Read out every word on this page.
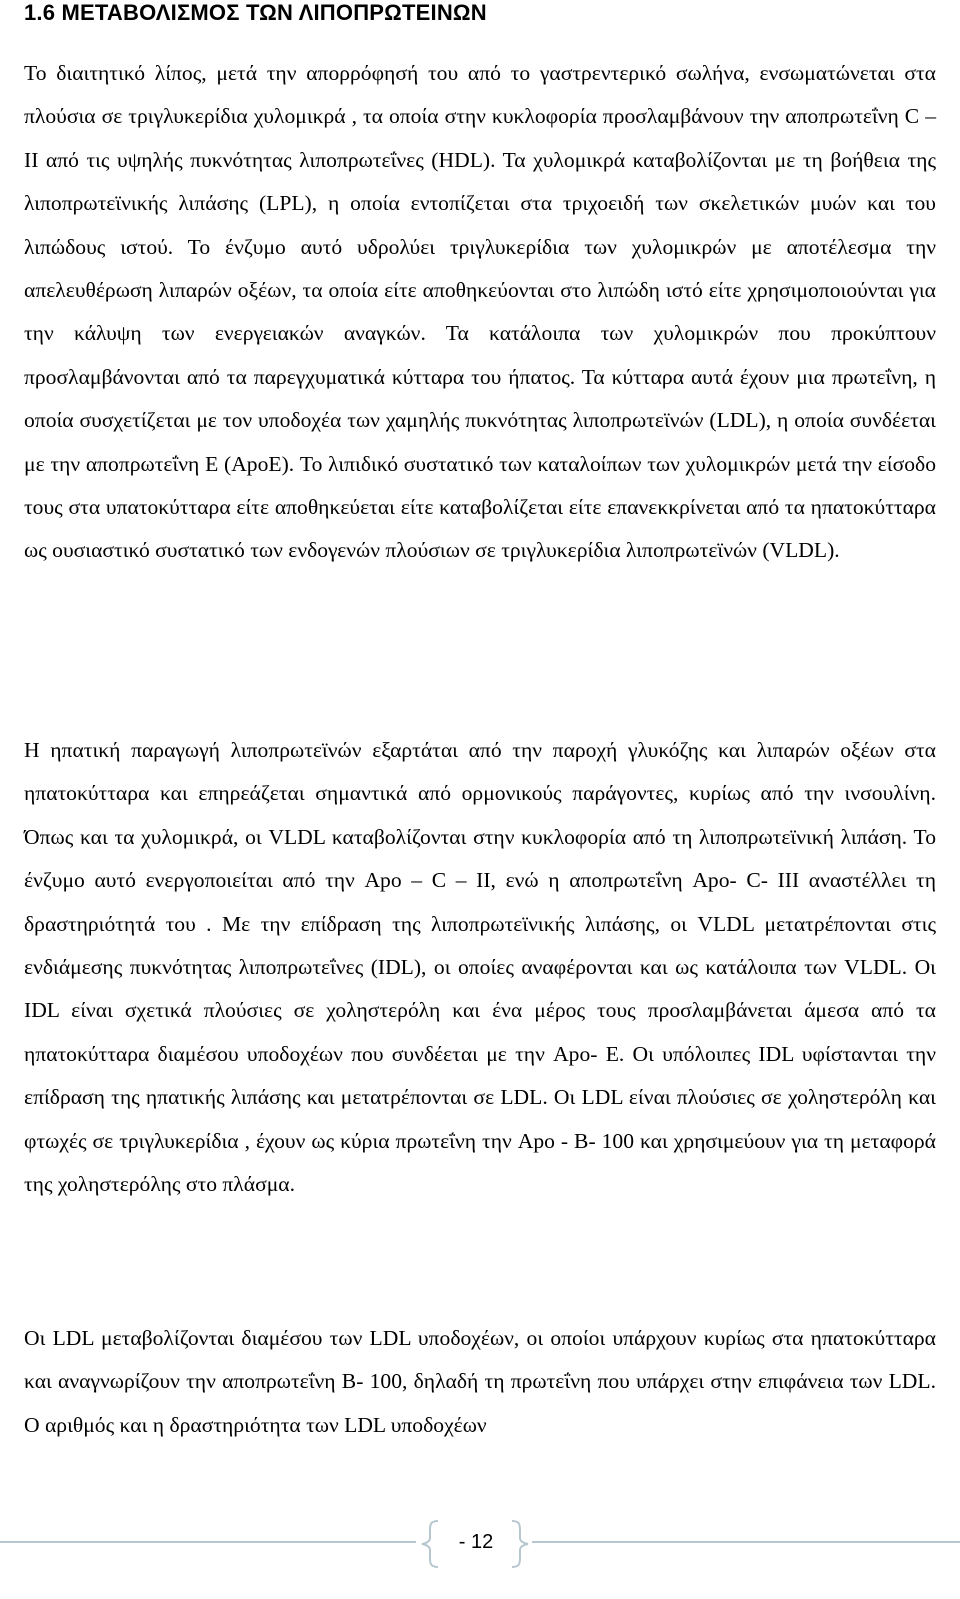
1.6 ΜΕΤΑΒΟΛΙΣΜΟΣ ΤΩΝ ΛΙΠΟΠΡΩΤΕΙΝΩΝ

Το διαιτητικό λίπος, μετά την απορρόφησή του από το γαστρεντερικό σωλήνα, ενσωματώνεται στα πλούσια σε τριγλυκερίδια χυλομικρά , τα οποία στην κυκλοφορία προσλαμβάνουν την αποπρωτεΐνη C – II από τις υψηλής πυκνότητας λιποπρωτεΐνες (HDL). Τα χυλομικρά καταβολίζονται με τη βοήθεια της λιποπρωτεϊνικής λιπάσης (LPL), η οποία εντοπίζεται στα τριχοειδή των σκελετικών μυών και του λιπώδους ιστού. Το ένζυμο αυτό υδρολύει τριγλυκερίδια των χυλομικρών με αποτέλεσμα την απελευθέρωση λιπαρών οξέων, τα οποία είτε αποθηκεύονται στο λιπώδη ιστό είτε χρησιμοποιούνται για την κάλυψη των ενεργειακών αναγκών. Τα κατάλοιπα των χυλομικρών που προκύπτουν προσλαμβάνονται από τα παρεγχυματικά κύτταρα του ήπατος. Τα κύτταρα αυτά έχουν μια πρωτεΐνη, η οποία συσχετίζεται με τον υποδοχέα των χαμηλής πυκνότητας λιποπρωτεϊνών (LDL), η οποία συνδέεται με την αποπρωτεΐνη E (ApoE). Το λιπιδικό συστατικό των καταλοίπων των χυλομικρών μετά την είσοδο τους στα υπατοκύτταρα είτε αποθηκεύεται είτε καταβολίζεται είτε επανεκκρίνεται από τα ηπατοκύτταρα ως ουσιαστικό συστατικό των ενδογενών πλούσιων σε τριγλυκερίδια λιποπρωτεϊνών (VLDL).

Η ηπατική παραγωγή λιποπρωτεϊνών εξαρτάται από την παροχή γλυκόζης και λιπαρών οξέων στα ηπατοκύτταρα και επηρεάζεται σημαντικά από ορμονικούς παράγοντες, κυρίως από την ινσουλίνη. Όπως και τα χυλομικρά, οι VLDL καταβολίζονται στην κυκλοφορία από τη λιποπρωτεϊνική λιπάση. Το ένζυμο αυτό ενεργοποιείται από την Apo – C – II, ενώ η αποπρωτεΐνη Apo- C- III αναστέλλει τη δραστηριότητά του . Με την επίδραση της λιποπρωτεϊνικής λιπάσης, οι VLDL μετατρέπονται στις ενδιάμεσης πυκνότητας λιποπρωτεΐνες (IDL), οι οποίες αναφέρονται και ως κατάλοιπα των VLDL. Οι IDL είναι σχετικά πλούσιες σε χοληστερόλη και ένα μέρος τους προσλαμβάνεται άμεσα από τα ηπατοκύτταρα διαμέσου υποδοχέων που συνδέεται με την Apo- E. Οι υπόλοιπες IDL υφίστανται την επίδραση της ηπατικής λιπάσης και μετατρέπονται σε LDL. Οι LDL είναι πλούσιες σε χοληστερόλη και φτωχές σε τριγλυκερίδια , έχουν ως κύρια πρωτεΐνη την Apo - B- 100 και χρησιμεύουν για τη μεταφορά της χοληστερόλης στο πλάσμα.

Οι LDL μεταβολίζονται διαμέσου των LDL υποδοχέων, οι οποίοι υπάρχουν κυρίως στα ηπατοκύτταρα και αναγνωρίζουν την αποπρωτεΐνη B- 100, δηλαδή τη πρωτεΐνη που υπάρχει στην επιφάνεια των LDL. Ο αριθμός και η δραστηριότητα των LDL υποδοχέων

- 12
